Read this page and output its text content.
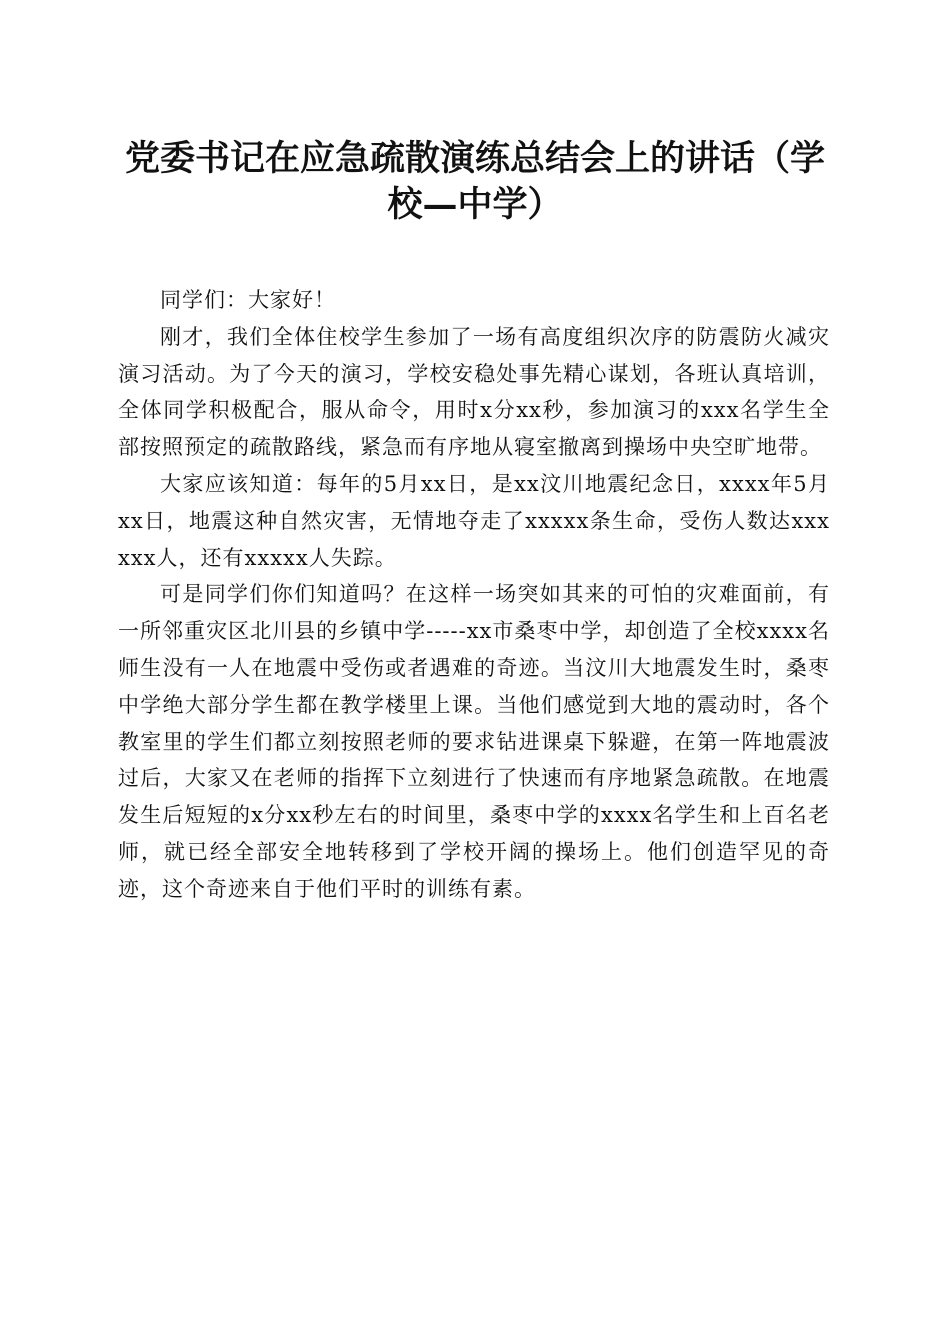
党委书记在应急疏散演练总结会上的讲话（学校—中学）

同学们：大家好！

刚才，我们全体住校学生参加了一场有高度组织次序的防震防火减灾演习活动。为了今天的演习，学校安稳处事先精心谋划，各班认真培训，全体同学积极配合，服从命令，用时x分xx秒，参加演习的xxx名学生全部按照预定的疏散路线，紧急而有序地从寝室撤离到操场中央空旷地带。

大家应该知道：每年的5月xx日，是xx汶川地震纪念日，xxxx年5月xx日，地震这种自然灾害，无情地夺走了xxxxx条生命，受伤人数达xxxxxx人，还有xxxxx人失踪。

可是同学们你们知道吗？在这样一场突如其来的可怕的灾难面前，有一所邻重灾区北川县的乡镇中学-----xx市桑枣中学，却创造了全校xxxx名师生没有一人在地震中受伤或者遇难的奇迹。当汶川大地震发生时，桑枣中学绝大部分学生都在教学楼里上课。当他们感觉到大地的震动时，各个教室里的学生们都立刻按照老师的要求钻进课桌下躲避，在第一阵地震波过后，大家又在老师的指挥下立刻进行了快速而有序地紧急疏散。在地震发生后短短的x分xx秒左右的时间里，桑枣中学的xxxx名学生和上百名老师，就已经全部安全地转移到了学校开阔的操场上。他们创造罕见的奇迹，这个奇迹来自于他们平时的训练有素。
